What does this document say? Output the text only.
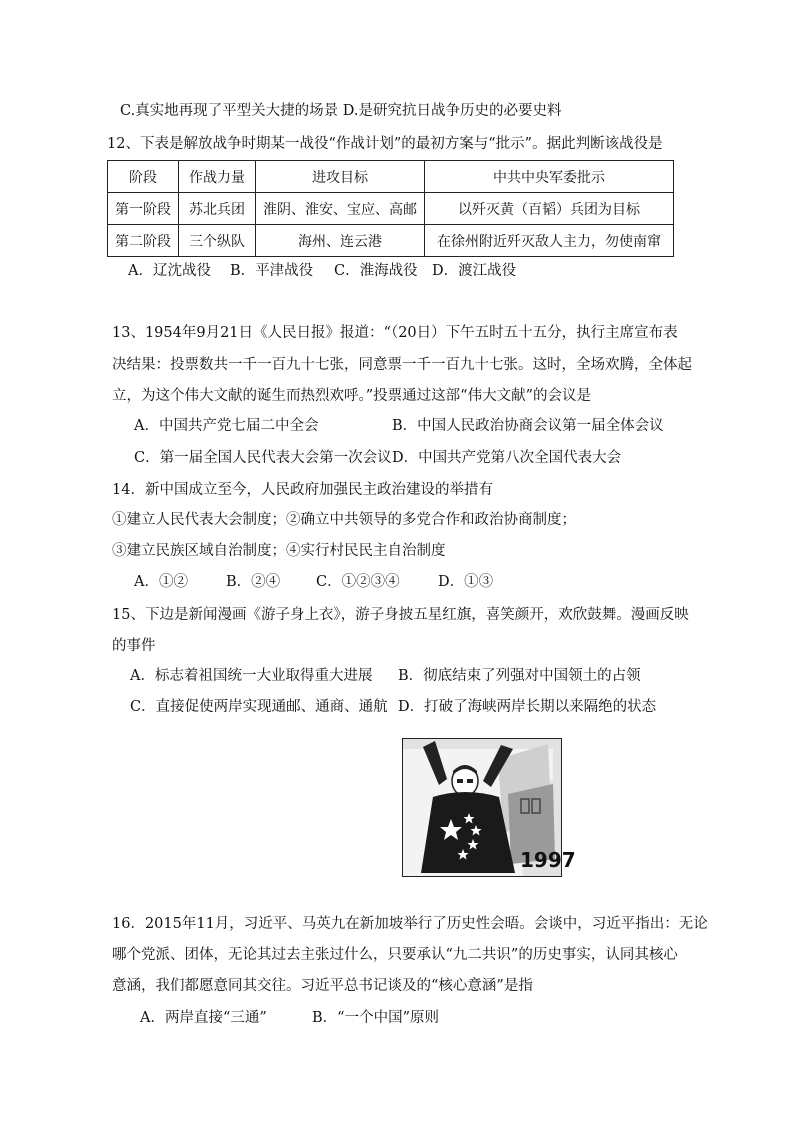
C.真实地再现了平型关大捷的场景 D.是研究抗日战争历史的必要史料
12、下表是解放战争时期某一战役“作战计划”的最初方案与“批示”。据此判断该战役是
阶段	作战力量	进攻目标	中共中央军委批示
第一阶段	苏北兵团	淮阴、淮安、宝应、高邮	以歼灭黄（百韬）兵团为目标
第二阶段	三个纵队	海州、连云港	在徐州附近歼灭敌人主力，勿使南窜
A．辽沈战役 B．平津战役 C．淮海战役 D．渡江战役
13、1954年9月21日《人民日报》报道：“（20日）下午五时五十五分，执行主席宣布表
决结果：投票数共一千一百九十七张，同意票一千一百九十七张。这时，全场欢腾，全体起
立，为这个伟大文献的诞生而热烈欢呼。”投票通过这部“伟大文献”的会议是
A．中国共产党七届二中全会	B．中国人民政治协商会议第一届全体会议
C．第一届全国人民代表大会第一次会议D．中国共产党第八次全国代表大会
14．新中国成立至今，人民政府加强民主政治建设的举措有
①建立人民代表大会制度；②确立中共领导的多党合作和政治协商制度；
③建立民族区域自治制度；④实行村民民主自治制度
A．①②	B．②④ C．①②③④	D．①③
15、下边是新闻漫画《游子身上衣》，游子身披五星红旗，喜笑颜开，欢欣鼓舞。漫画反映
的事件
A．标志着祖国统一大业取得重大进展 B．彻底结束了列强对中国领土的占领
C．直接促使两岸实现通邮、通商、通航 D．打破了海峡两岸长期以来隔绝的状态
1997
16．2015年11月，习近平、马英九在新加坡举行了历史性会晤。会谈中，习近平指出：无论
哪个党派、团体，无论其过去主张过什么，只要承认“九二共识”的历史事实，认同其核心
意涵，我们都愿意同其交往。习近平总书记谈及的“核心意涵”是指
A．两岸直接“三通”	B．“一个中国”原则
